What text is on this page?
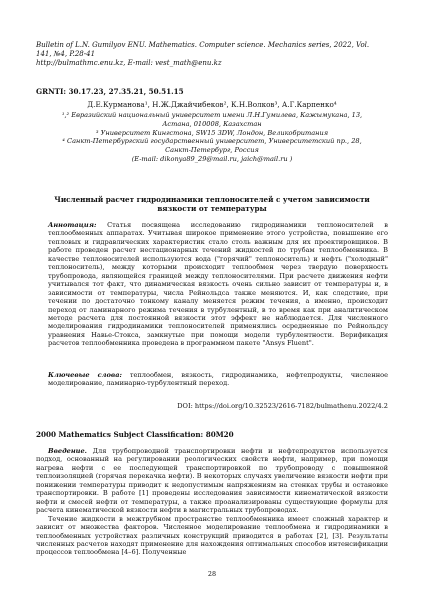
Bulletin of L.N. Gumilyov ENU. Mathematics. Computer science. Mechanics series, 2022, Vol.
141, №4, P.28-41
http://bulmathmc.enu.kz, E-mail: vest_math@enu.kz
GRNTI: 30.17.23, 27.35.21, 50.51.15
Д.Е.Курманова¹, Н.Ж.Джайчибеков², К.Н.Волков³, А.Г.Карпенко⁴
¹,² Евразийский национальный университет имени Л.Н.Гумилева, Кажымукана, 13,
Астана, 010008, Казахстан
³ Университет Кингстона, SW15 3DW, Лондон, Великобритания
⁴ Санкт-Петербургский государственный университет, Университетский пр., 28,
Санкт-Петербург, Россия
(E-mail: dikonya89_29@mail.ru, jaich@mail.ru )
Численный расчет гидродинамики теплоносителей с учетом зависимости
вязкости от температуры
Аннотация: Статья посвящена исследованию гидродинамики теплоносителей в теплообменных аппаратах. Учитывая широкое применение этого устройства, повышение его тепловых и гидравлических характеристик стало столь важным для их проектировщиков. В работе проведен расчет нестационарных течений жидкостей по трубам теплообменника. В качестве теплоносителей используются вода ("горячий" теплоноситель) и нефть ("холодный" теплоноситель), между которыми происходит теплообмен через твердую поверхность трубопровода, являющейся границей между теплоносителями. При расчете движения нефти учитывался тот факт, что динамическая вязкость очень сильно зависит от температуры и, в зависимости от температуры, числа Рейнольдса также меняются. И, как следствие, при течении по достаточно тонкому каналу меняется режим течения, а именно, происходит переход от ламинарного режима течения в турбулентный, в то время как при аналитическом методе расчета для постоянной вязкости этот эффект не наблюдается. Для численного моделирования гидродинамики теплоносителей применялись осредненные по Рейнольдсу уравнения Навье-Стокса, замкнутые при помощи модели турбулентности. Верификация расчетов теплообменника проведена в программном пакете "Ansys Fluent".
Ключевые слова: теплообмен, вязкость, гидродинамика, нефтепродукты, численное моделирование, ламинарно-турбулентный переход.
DOI: https://doi.org/10.32523/2616-7182/bulmathenu.2022/4.2
2000 Mathematics Subject Classification: 80M20

Введение. Для трубопроводной транспортировки нефти и нефтепродуктов используется подход, основанный на регулировании реологических свойств нефти, например, при помощи нагрева нефти с ее последующей транспортировкой по трубопроводу с повышенной теплоизоляцией (горячая перекачка нефти). В некоторых случаях увеличение вязкости нефти при понижении температуры приводит к недопустимым напряжениям на стенках трубы и остановке транспортировки. В работе [1] проведены исследования зависимости кинематической вязкости нефти и смесей нефти от температуры, а также проанализированы существующие формулы для расчета кинематической вязкости нефти в магистральных трубопроводах.

Течение жидкости в межтрубном пространстве теплообменника имеет сложный характер и зависит от множества факторов. Численное моделирование теплообмена и гидродинамики в теплообменных устройствах различных конструкций приводится в работах [2], [3]. Результаты численных расчетов находят применение для нахождения оптимальных способов интенсификации процессов теплообмена [4–6]. Полученные

28
